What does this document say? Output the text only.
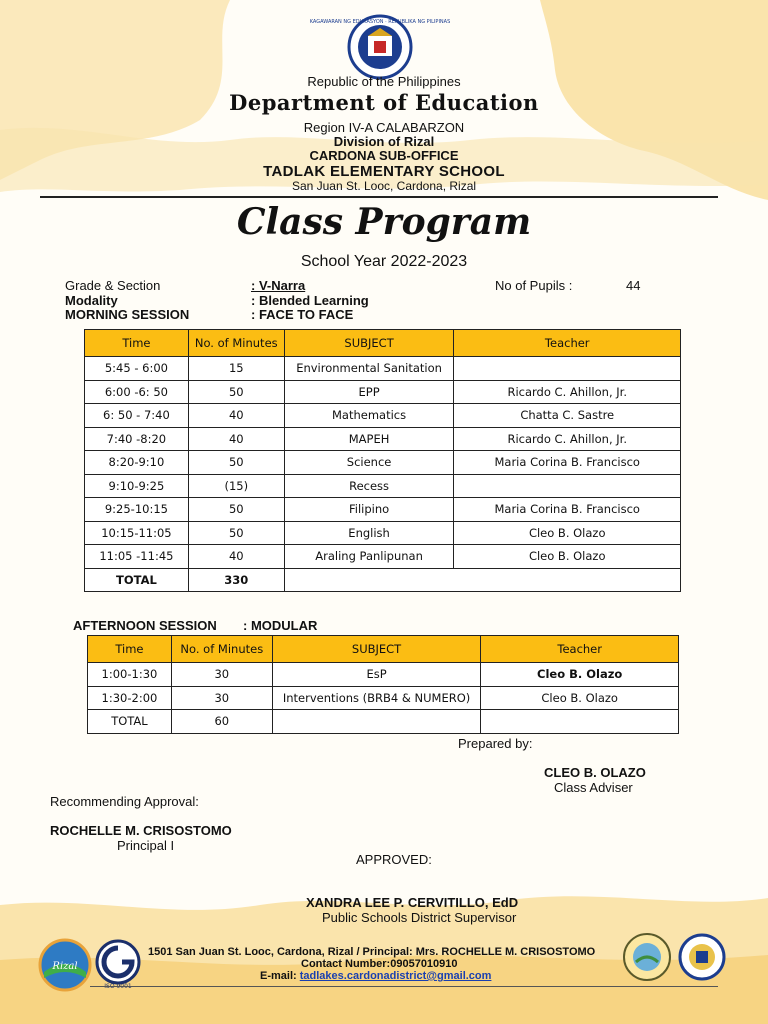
KAGAWARAN NG EDUKASYON · REPUBLIKA NG PILIPINAS
Republic of the Philippines
Department of Education
Region IV-A CALABARZON
Division of Rizal
CARDONA SUB-OFFICE
TADLAK ELEMENTARY SCHOOL
San Juan St. Looc, Cardona, Rizal
Class Program
School Year 2022-2023
Grade & Section	: V-Narra
Modality	: Blended Learning
MORNING SESSION	: FACE TO FACE
No of Pupils :	44
Time	No. of Minutes	SUBJECT	Teacher
5:45 - 6:00	15	Environmental Sanitation	
6:00 -6: 50	50	EPP	Ricardo C. Ahillon, Jr.
6: 50 - 7:40	40	Mathematics	Chatta C. Sastre
7:40 -8:20	40	MAPEH	Ricardo C. Ahillon, Jr.
8:20-9:10	50	Science	Maria Corina B. Francisco
9:10-9:25	(15)	Recess	
9:25-10:15	50	Filipino	Maria Corina B. Francisco
10:15-11:05	50	English	Cleo B. Olazo
11:05 -11:45	40	Araling Panlipunan	Cleo B. Olazo
TOTAL	330		
AFTERNOON SESSION : MODULAR
Time	No. of Minutes	SUBJECT	Teacher
1:00-1:30	30	EsP	Cleo B. Olazo
1:30-2:00	30	Interventions (BRB4 & NUMERO)	Cleo B. Olazo
TOTAL	60		
Prepared by:
CLEO B. OLAZO
Class Adviser
Recommending Approval:
ROCHELLE M. CRISOSTOMO
Principal I
APPROVED:
XANDRA LEE P. CERVITILLO, EdD
Public Schools District Supervisor
Rizal
ISO 9001
1501 San Juan St. Looc, Cardona, Rizal / Principal: Mrs. ROCHELLE M. CRISOSTOMO
Contact Number:09057010910
E-mail: tadlakes.cardonadistrict@gmail.com
